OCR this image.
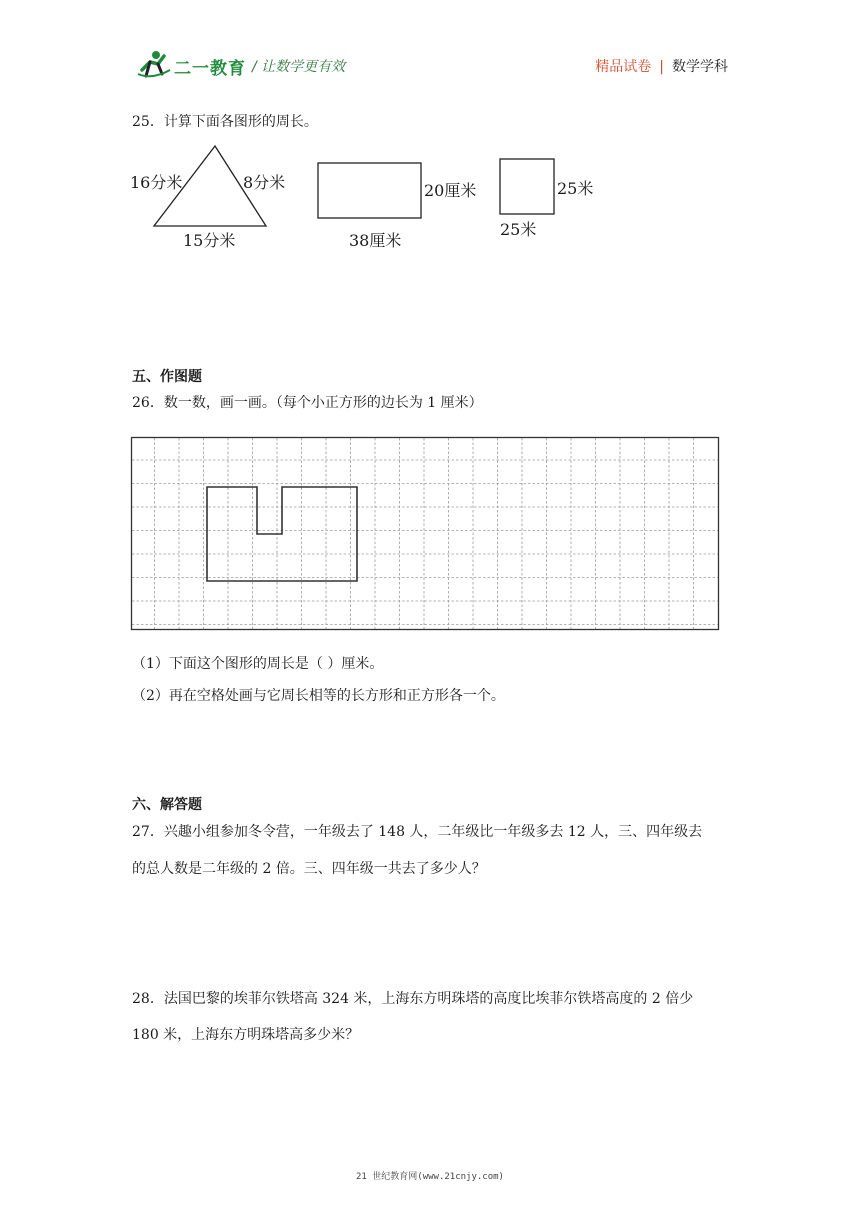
二一教育 / 让数学更有效	精品试卷 | 数学学科
25．计算下面各图形的周长。
16分米	8分米
15分米
20厘米
38厘米
25米
25米
五、作图题
26．数一数，画一画。（每个小正方形的边长为 1 厘米）
（1）下面这个图形的周长是（ ）厘米。
（2）再在空格处画与它周长相等的长方形和正方形各一个。
六、解答题
27．兴趣小组参加冬令营，一年级去了 148 人，二年级比一年级多去 12 人，三、四年级去
的总人数是二年级的 2 倍。三、四年级一共去了多少人？
28．法国巴黎的埃菲尔铁塔高 324 米，上海东方明珠塔的高度比埃菲尔铁塔高度的 2 倍少
180 米，上海东方明珠塔高多少米？
21 世纪教育网(www.21cnjy.com)
